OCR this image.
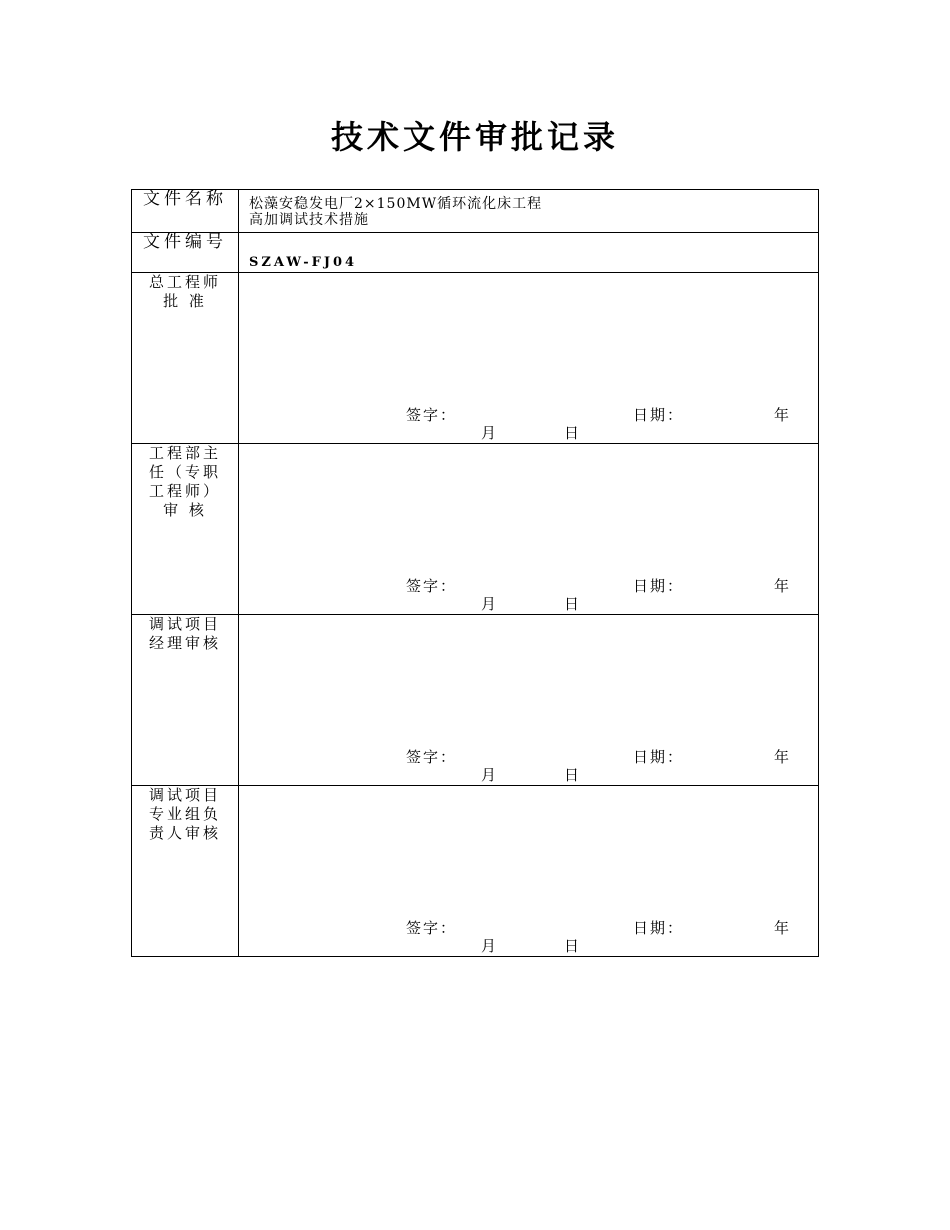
技术文件审批记录
文件名称	松藻安稳发电厂2×150MW循环流化床工程
高加调试技术措施

文件编号	SZAW-FJ04

总工程师
批 准	签字： 日期： 年
月 日

工程部主
任（专职
工程师）
审 核	签字： 日期： 年
月 日

调试项目
经理审核	签字： 日期： 年
月 日

调试项目
专业组负
责人审核	签字： 日期： 年
月 日
